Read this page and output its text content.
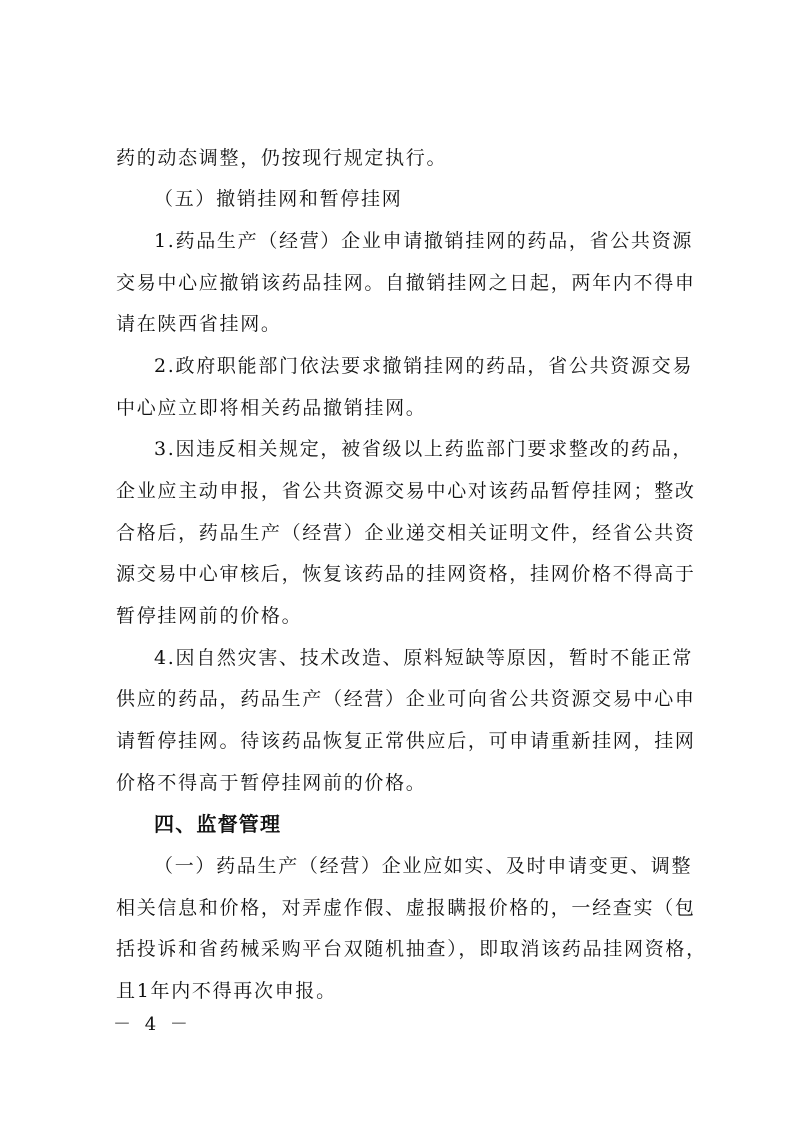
药的动态调整，仍按现行规定执行。
（五）撤销挂网和暂停挂网
1.药品生产（经营）企业申请撤销挂网的药品，省公共资源
交易中心应撤销该药品挂网。自撤销挂网之日起，两年内不得申
请在陕西省挂网。
2.政府职能部门依法要求撤销挂网的药品，省公共资源交易
中心应立即将相关药品撤销挂网。
3.因违反相关规定，被省级以上药监部门要求整改的药品，
企业应主动申报，省公共资源交易中心对该药品暂停挂网；整改
合格后，药品生产（经营）企业递交相关证明文件，经省公共资
源交易中心审核后，恢复该药品的挂网资格，挂网价格不得高于
暂停挂网前的价格。
4.因自然灾害、技术改造、原料短缺等原因，暂时不能正常
供应的药品，药品生产（经营）企业可向省公共资源交易中心申
请暂停挂网。待该药品恢复正常供应后，可申请重新挂网，挂网
价格不得高于暂停挂网前的价格。
四、监督管理
（一）药品生产（经营）企业应如实、及时申请变更、调整
相关信息和价格，对弄虚作假、虚报瞒报价格的，一经查实（包
括投诉和省药械采购平台双随机抽查），即取消该药品挂网资格，
且1年内不得再次申报。
－ 4 －
